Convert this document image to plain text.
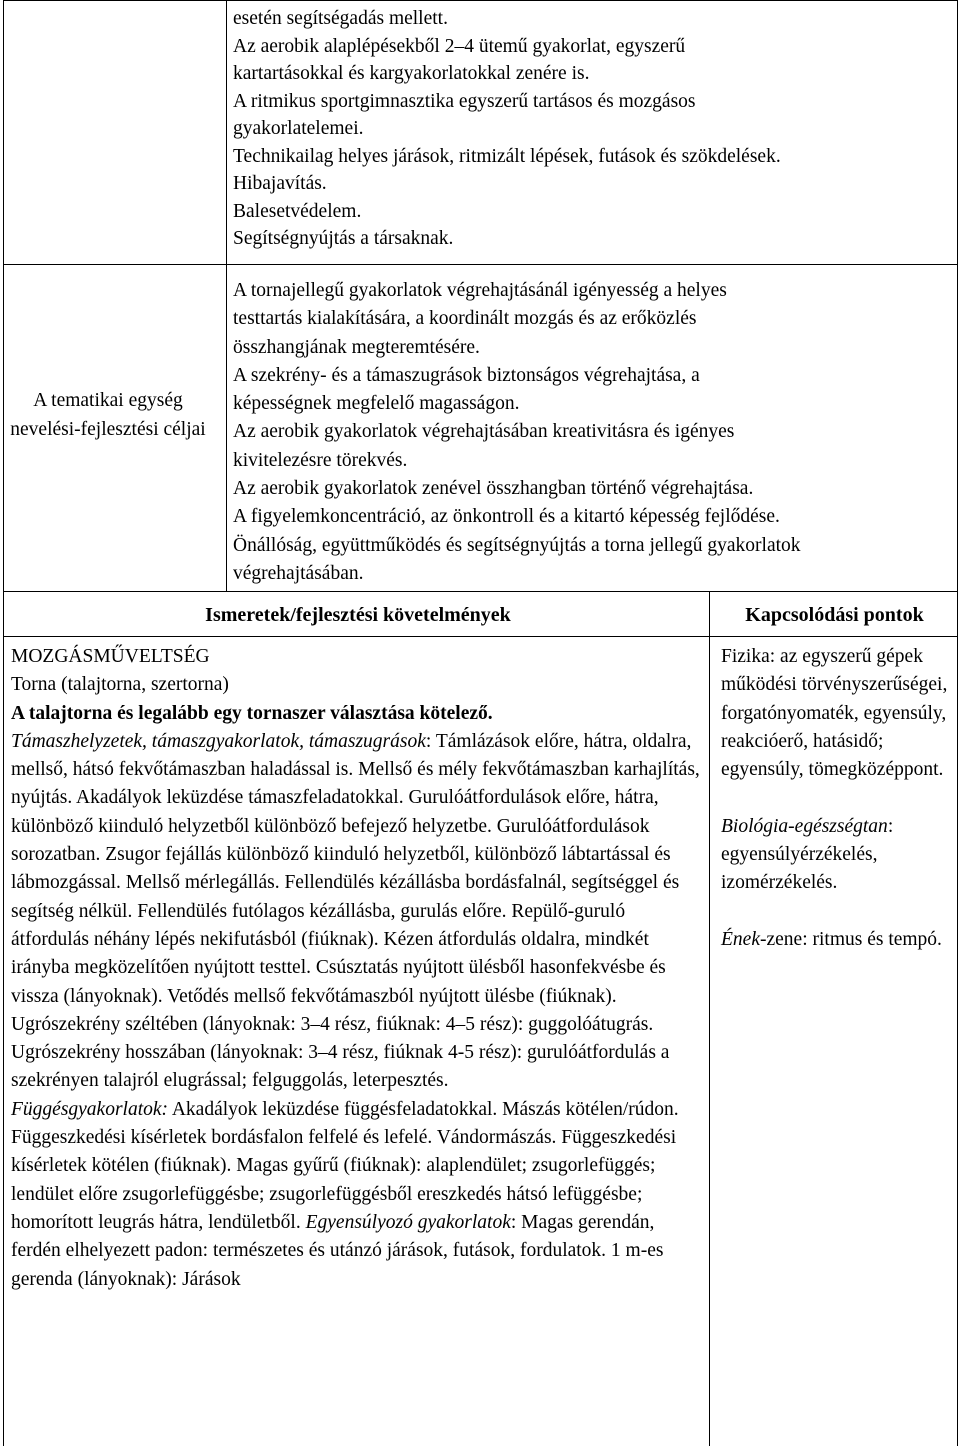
esetén segítségadás mellett.

Az aerobik alaplépésekből 2‒4 ütemű gyakorlat, egyszerű

kartartásokkal és kargyakorlatokkal zenére is.

A ritmikus sportgimnasztika egyszerű tartásos és mozgásos

gyakorlatelemei.

Technikailag helyes járások, ritmizált lépések, futások és szökdelések.

Hibajavítás.

Balesetvédelem.

Segítségnyújtás a társaknak.

A tematikai egység nevelési-fejlesztési céljai

A tornajellegű gyakorlatok végrehajtásánál igényesség a helyes

testtartás kialakítására, a koordinált mozgás és az erőközlés

összhangjának megteremtésére.

A szekrény- és a támaszugrások biztonságos végrehajtása, a

képességnek megfelelő magasságon.

Az aerobik gyakorlatok végrehajtásában kreativitásra és igényes

kivitelezésre törekvés.

Az aerobik gyakorlatok zenével összhangban történő végrehajtása.

A figyelemkoncentráció, az önkontroll és a kitartó képesség fejlődése.

Önállóság, együttműködés és segítségnyújtás a torna jellegű gyakorlatok

végrehajtásában.

Ismeretek/fejlesztési követelmények	Kapcsolódási pontok

MOZGÁSMŰVELTSÉG

Torna (talajtorna, szertorna)

A talajtorna és legalább egy tornaszer választása kötelező.

Támaszhelyzetek, támaszgyakorlatok, támaszugrások: Támlázások előre, hátra, oldalra, mellső, hátsó fekvőtámaszban haladással is. Mellső és mély fekvőtámaszban karhajlítás, nyújtás. Akadályok leküzdése támaszfeladatokkal. Gurulóátfordulások előre, hátra, különböző kiinduló helyzetből különböző befejező helyzetbe. Gurulóátfordulások sorozatban. Zsugor fejállás különböző kiinduló helyzetből, különböző lábtartással és lábmozgással. Mellső mérlegállás. Fellendülés kézállásba bordásfalnál, segítséggel és segítség nélkül. Fellendülés futólagos kézállásba, gurulás előre. Repülő-guruló átfordulás néhány lépés nekifutásból (fiúknak). Kézen átfordulás oldalra, mindkét irányba megközelítően nyújtott testtel. Csúsztatás nyújtott ülésből hasonfekvésbe és vissza (lányoknak). Vetődés mellső fekvőtámaszból nyújtott ülésbe (fiúknak).

Ugrószekrény széltében (lányoknak: 3‒4 rész, fiúknak: 4‒5 rész): guggolóátugrás. Ugrószekrény hosszában (lányoknak: 3‒4 rész, fiúknak 4-5 rész): gurulóátfordulás a szekrényen talajról elugrással; felguggolás, leterpesztés.

Függésgyakorlatok: Akadályok leküzdése függésfeladatokkal. Mászás kötélen/rúdon. Függeszkedési kísérletek bordásfalon felfelé és lefelé. Vándormászás. Függeszkedési kísérletek kötélen (fiúknak). Magas gyűrű (fiúknak): alaplendület; zsugorlefüggés; lendület előre zsugorlefüggésbe; zsugorlefüggésből ereszkedés hátsó lefüggésbe; homorított leugrás hátra, lendületből. Egyensúlyozó gyakorlatok: Magas gerendán, ferdén elhelyezett padon: természetes és utánzó járások, futások, fordulatok. 1 m-es gerenda (lányoknak): Járások

Fizika: az egyszerű gépek működési törvényszerűségei, forgatónyomaték, egyensúly, reakcióerő, hatásidő; egyensúly, tömegközéppont.

Biológia-egészségtan: egyensúlyérzékelés, izomérzékelés.

Ének-zene: ritmus és tempó.
